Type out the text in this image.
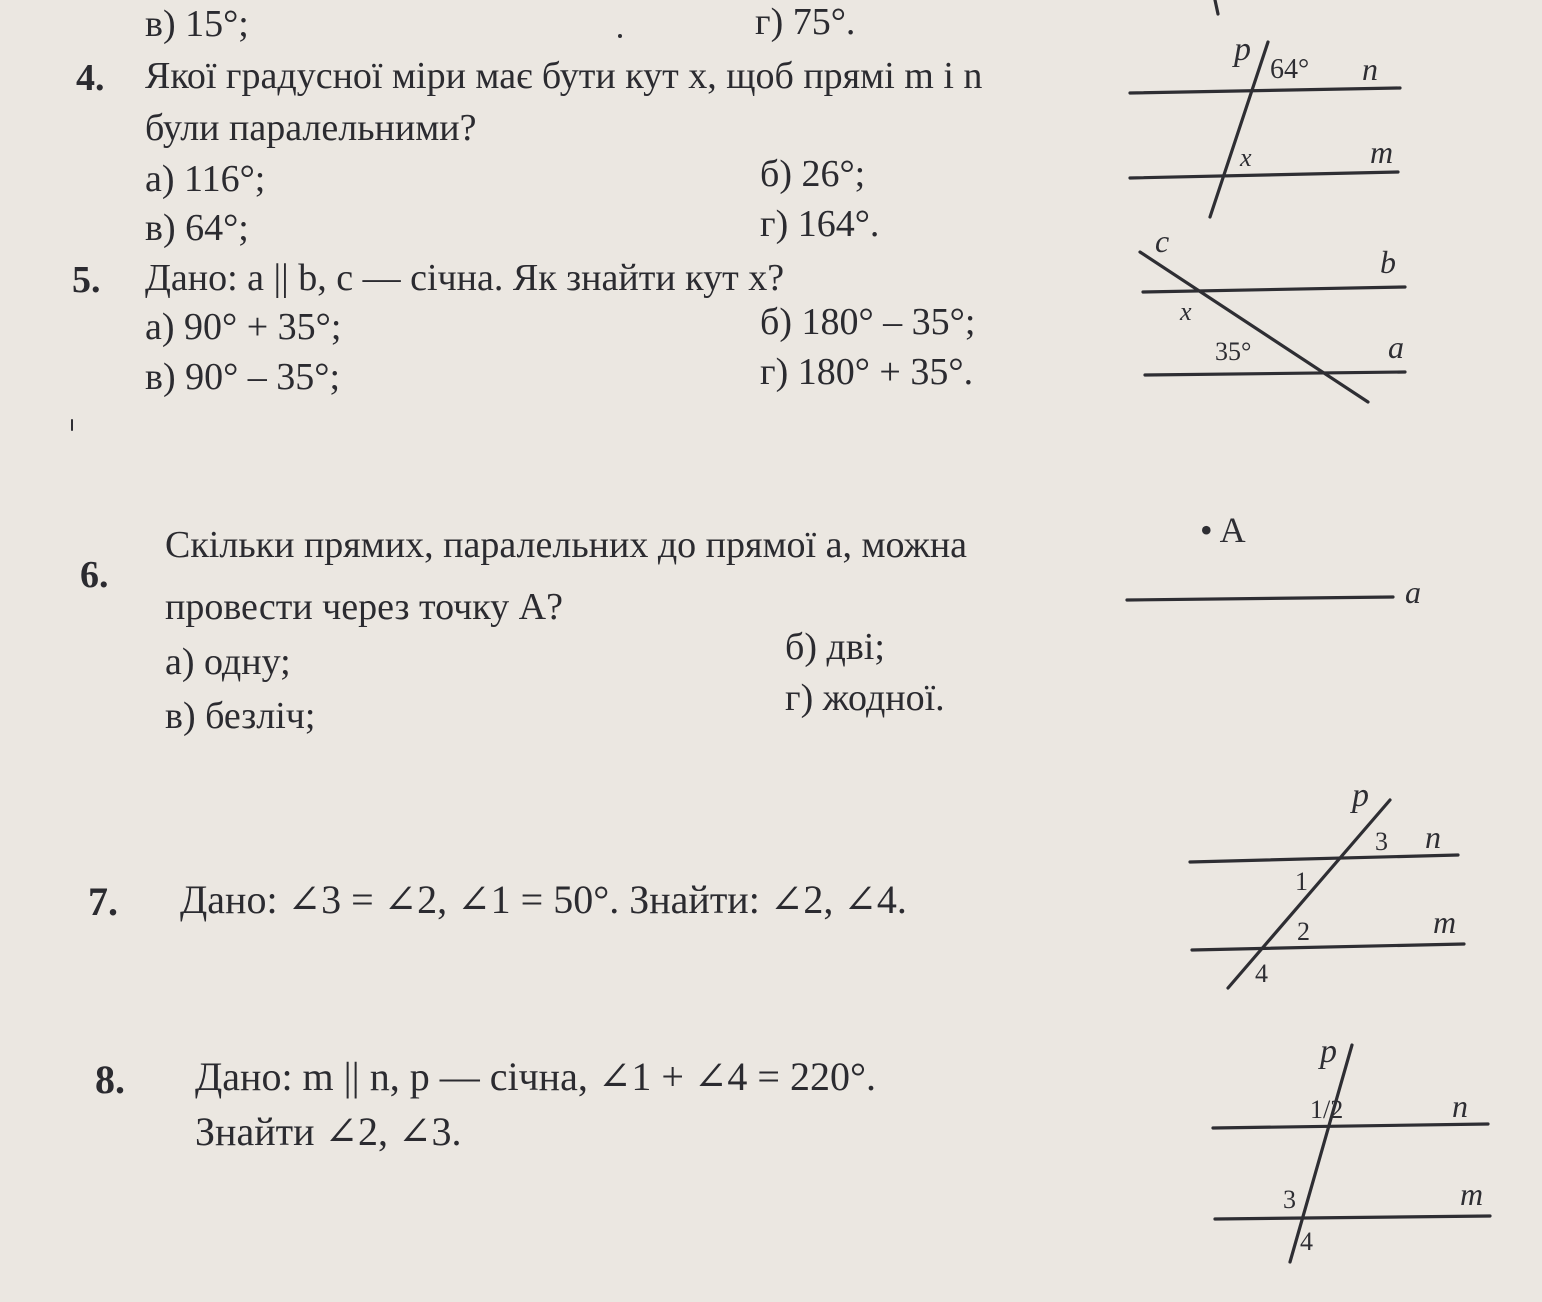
в) 15°;	г) 75°.
4. Якої градусної міри має бути кут x, щоб прямі m і n
були паралельними?
а) 116°;	б) 26°;
в) 64°;	г) 164°.
5. Дано: a || b, c — січна. Як знайти кут x?
а) 90° + 35°;	б) 180° – 35°;
в) 90° – 35°;	г) 180° + 35°.
6.
Скільки прямих, паралельних до прямої a, можна
провести через точку А?
а) одну;	б) дві;
в) безліч;	г) жодної.
7. Дано: ∠3 = ∠2, ∠1 = 50°. Знайти: ∠2, ∠4.
8. Дано: m || n, p — січна, ∠1 + ∠4 = 220°.
Знайти ∠2, ∠3.
p
64° n
m
x
c
b
x
35°	a
• A
a
p
3 n
1
2	m
4
p
1/2	n
3	m
4
